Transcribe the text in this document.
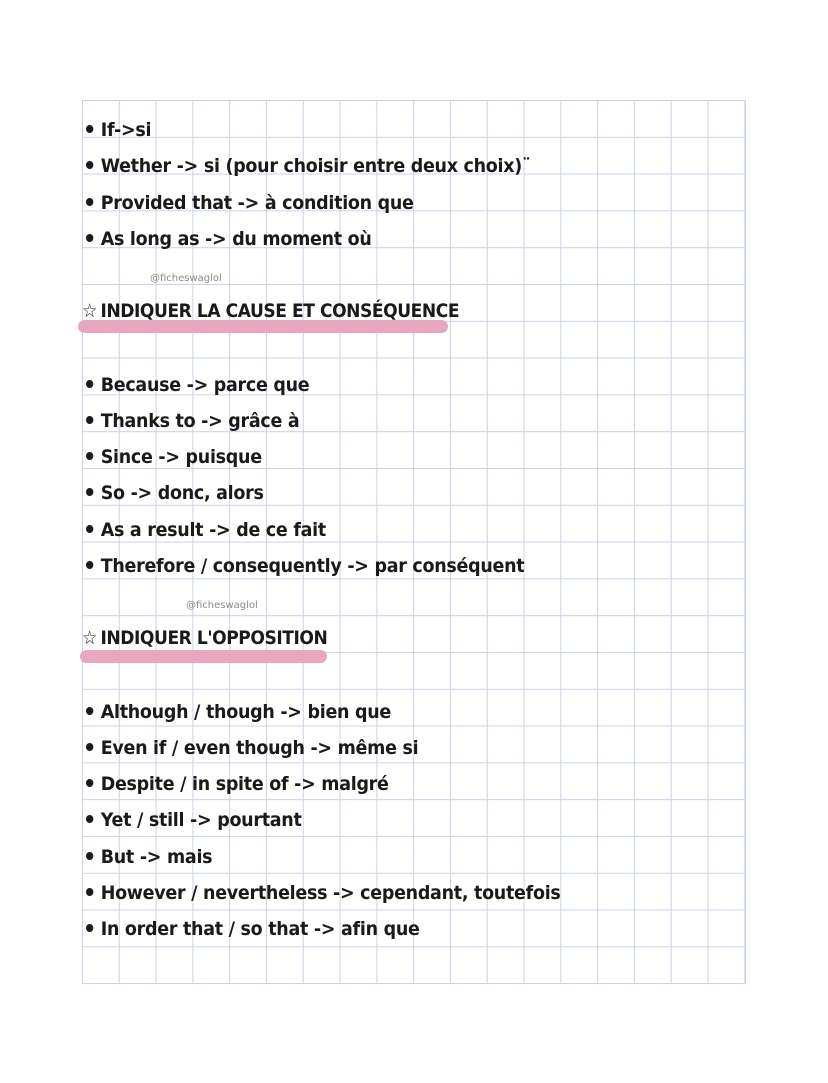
If->si
Wether -> si (pour choisir entre deux choix)¨
Provided that -> à condition que
As long as -> du moment où
@ficheswaglol
☆ INDIQUER LA CAUSE ET CONSÉQUENCE
Because -> parce que
Thanks to -> grâce à
Since -> puisque
So -> donc, alors
As a result -> de ce fait
Therefore / consequently -> par conséquent
@ficheswaglol
☆ INDIQUER L'OPPOSITION
Although / though -> bien que
Even if / even though -> même si
Despite / in spite of -> malgré
Yet / still -> pourtant
But -> mais
However / nevertheless -> cependant, toutefois
In order that / so that -> afin que
